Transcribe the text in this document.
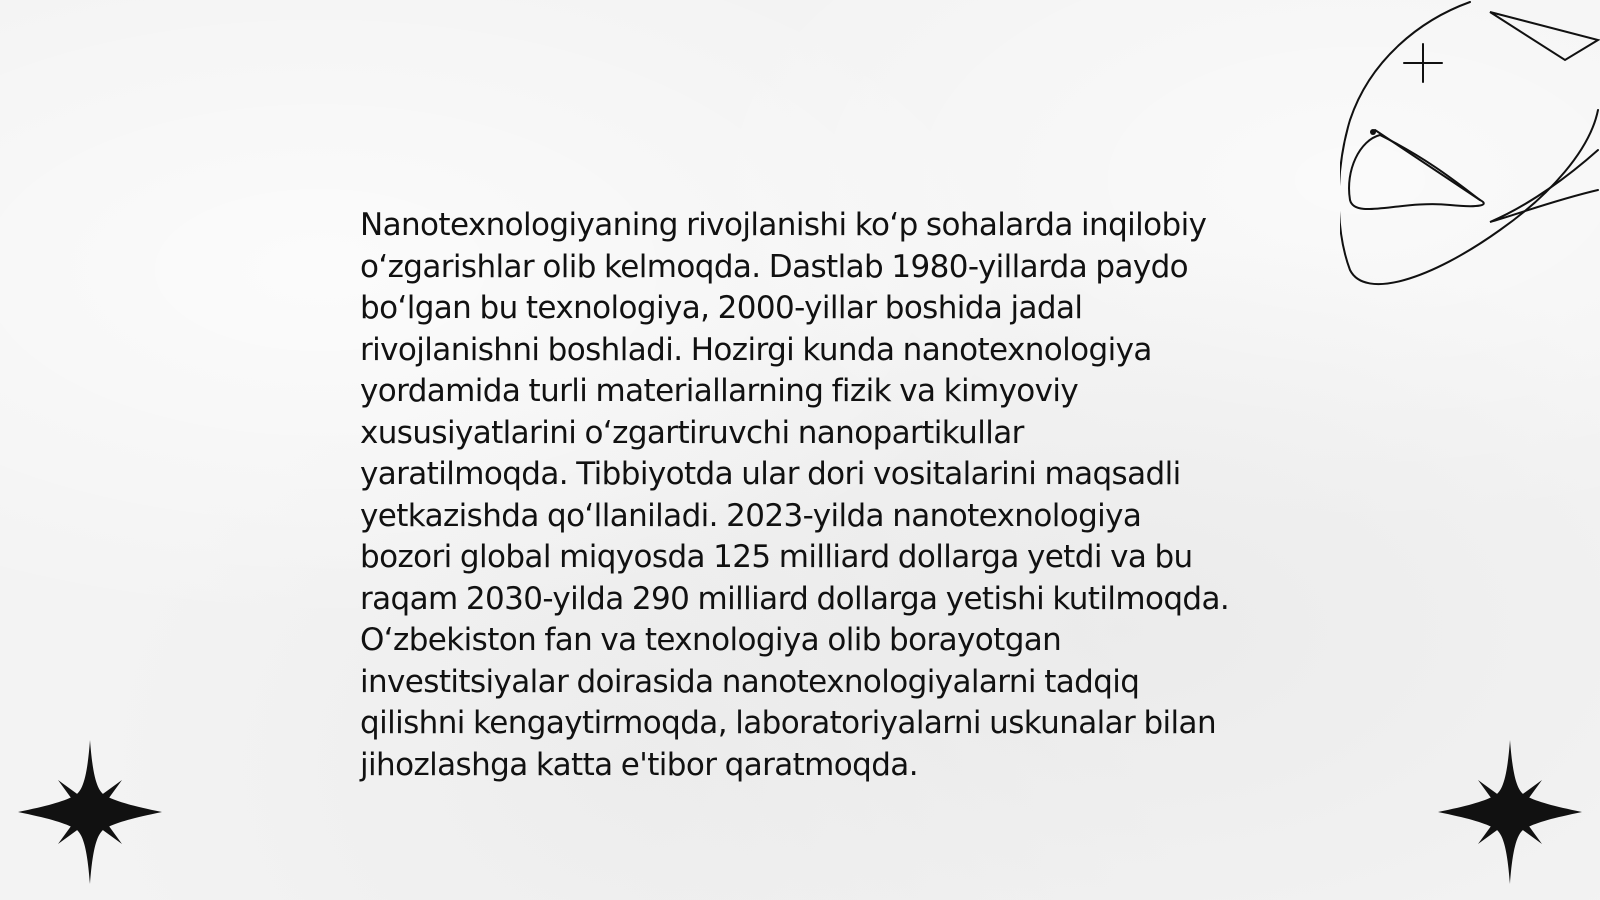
Nanotexnologiyaning rivojlanishi koʻp sohalarda inqilobiy oʻzgarishlar olib kelmoqda. Dastlab 1980-yillarda paydo boʻlgan bu texnologiya, 2000-yillar boshida jadal rivojlanishni boshladi. Hozirgi kunda nanotexnologiya yordamida turli materiallarning fizik va kimyoviy xususiyatlarini oʻzgartiruvchi nanopartikullar yaratilmoqda. Tibbiyotda ular dori vositalarini maqsadli yetkazishda qoʻllaniladi. 2023-yilda nanotexnologiya bozori global miqyosda 125 milliard dollarga yetdi va bu raqam 2030-yilda 290 milliard dollarga yetishi kutilmoqda. Oʻzbekiston fan va texnologiya olib borayotgan investitsiyalar doirasida nanotexnologiyalarni tadqiq qilishni kengaytirmoqda, laboratoriyalarni uskunalar bilan jihozlashga katta e'tibor qaratmoqda.
